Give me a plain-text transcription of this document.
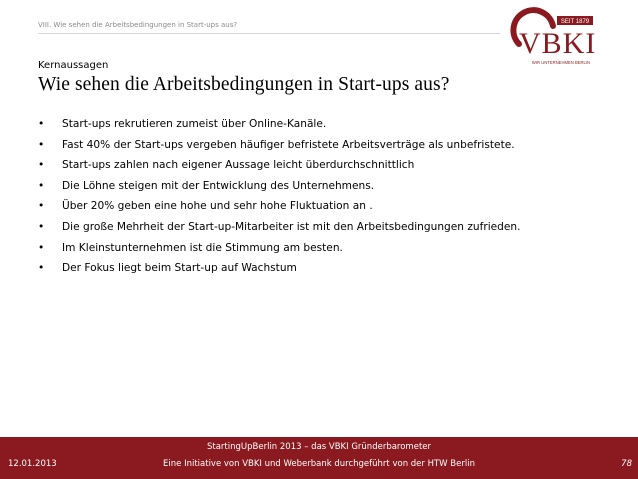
VIII. Wie sehen die Arbeitsbedingungen in Start-ups aus?	SEIT 1879
VBKI
WIR UNTERNEHMEN BERLIN
Kernaussagen
Wie sehen die Arbeitsbedingungen in Start-ups aus?
• Start-ups rekrutieren zumeist über Online-Kanäle.
• Fast 40% der Start-ups vergeben häufiger befristete Arbeitsverträge als unbefristete.
• Start-ups zahlen nach eigener Aussage leicht überdurchschnittlich
• Die Löhne steigen mit der Entwicklung des Unternehmens.
• Über 20% geben eine hohe und sehr hohe Fluktuation an .
• Die große Mehrheit der Start-up-Mitarbeiter ist mit den Arbeitsbedingungen zufrieden.
• Im Kleinstunternehmen ist die Stimmung am besten.
• Der Fokus liegt beim Start-up auf Wachstum
12.01.2013
StartingUpBerlin 2013 – das VBKI Gründerbarometer
Eine Initiative von VBKI und Weberbank durchgeführt von der HTW Berlin	78
